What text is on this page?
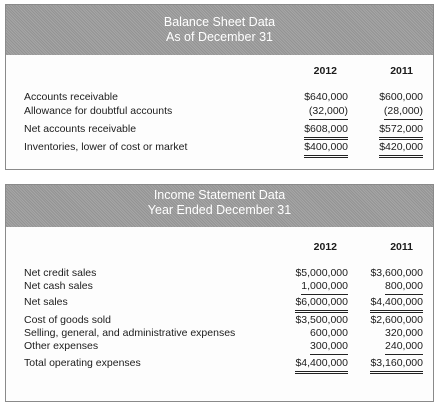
Balance Sheet Data
As of December 31
2012	2011
Accounts receivable	$640,000	$600,000
Allowance for doubtful accounts	(32,000)	(28,000)
Net accounts receivable	$608,000	$572,000
Inventories, lower of cost or market	$400,000	$420,000
Income Statement Data
Year Ended December 31
2012	2011
Net credit sales	$5,000,000 $3,600,000
Net cash sales	1,000,000	800,000
Net sales	$6,000,000 $4,400,000
Cost of goods sold	$3,500,000 $2,600,000
Selling, general, and administrative expenses	600,000	320,000
Other expenses	300,000	240,000
Total operating expenses	$4,400,000 $3,160,000
